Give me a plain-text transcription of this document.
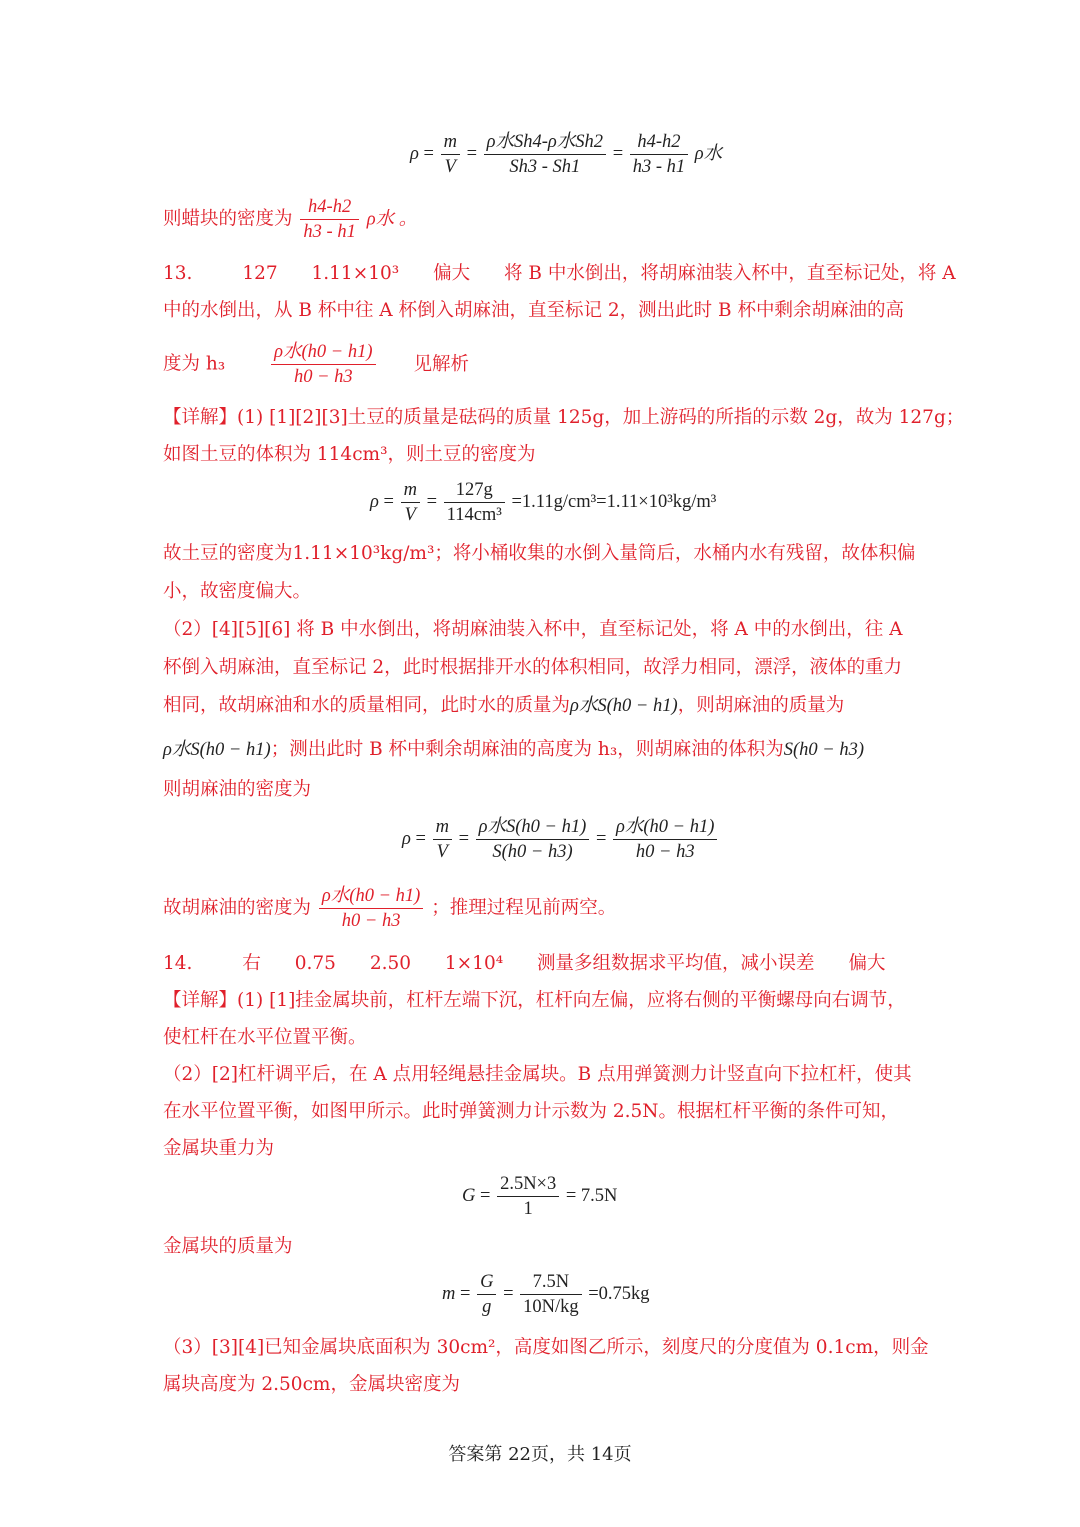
$\rho = \frac{m}{V} = \frac{\text{ρ水Sh4-ρ水Sh2}}{Sh3 - Sh1} = \frac{h4-h2}{h3 - h1}$ ρ水
则蜡块的密度为 $\frac{h4-h2}{h3 - h1}$ ρ水 。
13.	127 1.11×10³ 偏大 将 B 中水倒出，将胡麻油装入杯中，直至标记处，将 A
中的水倒出，从 B 杯中往 A 杯倒入胡麻油，直至标记 2，测出此时 B 杯中剩余胡麻油的高
度为 $h_3 \frac{\text{ρ水(h0 − h1)}}{h0 - h3}$ 见解析
【详解】(1) [1][2][3]土豆的质量是砝码的质量 125g，加上游码的所指的示数 2g，故为 127g；
如图土豆的体积为 114cm³，则土豆的密度为
$\rho = \frac{m}{V} = \frac{127g}{\text{114cm³}} =1.11g/cm^3=1.11\times 10^3kg/m^3$
故土豆的密度为1.11×10³kg/m³；将小桶收集的水倒入量筒后，水桶内水有残留，故体积偏
小，故密度偏大。
（2）[4][5][6] 将 B 中水倒出，将胡麻油装入杯中，直至标记处，将 A 中的水倒出，往 A
杯倒入胡麻油，直至标记 2，此时根据排开水的体积相同，故浮力相同，漂浮，液体的重力
相同，故胡麻油和水的质量相同，此时水的质量为ρ水S(h0 − h1)，则胡麻油的质量为
ρ水S(h0 − h1)；测出此时 B 杯中剩余胡麻油的高度为 h₃，则胡麻油的体积为S(h0 − h3)
则胡麻油的密度为
$\rho = \frac{m}{V} = \frac{\text{ρ水S(h0 − h1)}}{S(h0 - h3)} = \frac{\text{ρ水(h0 − h1)}}{h0 - h3}$
故胡麻油的密度为 $\frac{\text{ρ水(h0 − h1)}}{h0 - h3}$ ；推理过程见前两空。
14.	右 0.75 2.50 1×10⁴ 测量多组数据求平均值，减小误差 偏大
【详解】(1) [1]挂金属块前，杠杆左端下沉，杠杆向左偏，应将右侧的平衡螺母向右调节，
使杠杆在水平位置平衡。
（2）[2]杠杆调平后，在 A 点用轻绳悬挂金属块。B 点用弹簧测力计竖直向下拉杠杆，使其
在水平位置平衡，如图甲所示。此时弹簧测力计示数为 2.5N。根据杠杆平衡的条件可知，
金属块重力为
$G = \frac{2.5N\times 3}{1} = 7.5N$
金属块的质量为
$m = \frac{G}{g} = \frac{7.5N}{10N/kg} =0.75kg$
（3）[3][4]已知金属块底面积为 30cm²，高度如图乙所示，刻度尺的分度值为 0.1cm，则金
属块高度为 2.50cm，金属块密度为
答案第 22页，共 14页
